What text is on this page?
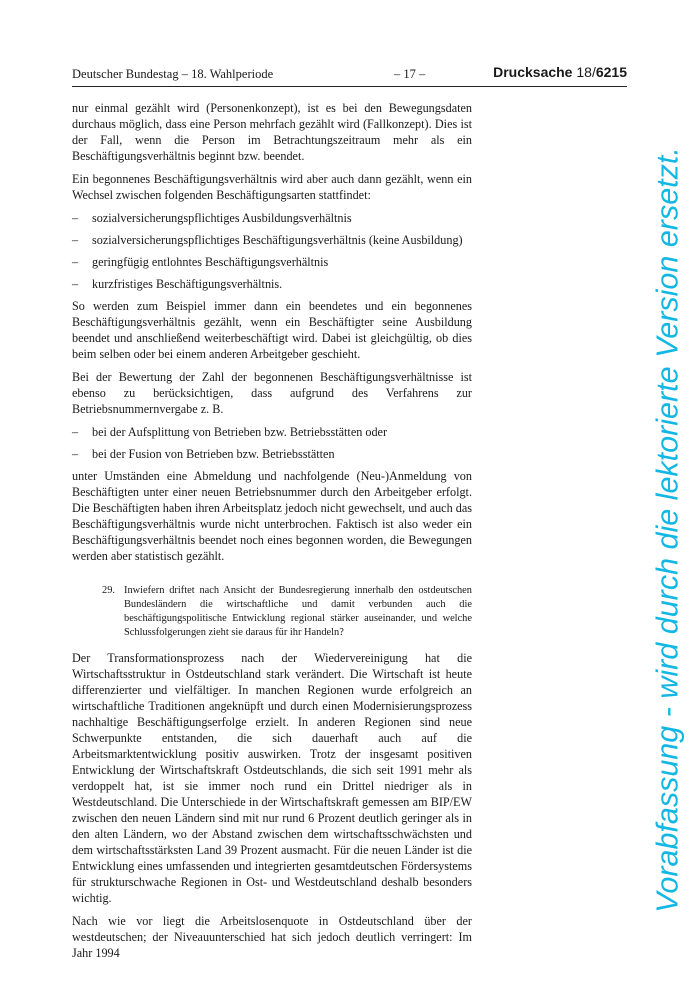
Deutscher Bundestag – 18. Wahlperiode	– 17 –	Drucksache 18/6215

nur einmal gezählt wird (Personenkonzept), ist es bei den Bewegungsdaten durchaus möglich, dass eine Person mehrfach gezählt wird (Fallkonzept). Dies ist der Fall, wenn die Person im Betrachtungszeitraum mehr als ein Beschäftigungsverhältnis beginnt bzw. beendet.

Ein begonnenes Beschäftigungsverhältnis wird aber auch dann gezählt, wenn ein Wechsel zwischen folgenden Beschäftigungsarten stattfindet:

–	sozialversicherungspflichtiges Ausbildungsverhältnis
–	sozialversicherungspflichtiges Beschäftigungsverhältnis (keine Ausbildung)
–	geringfügig entlohntes Beschäftigungsverhältnis
–	kurzfristiges Beschäftigungsverhältnis.

So werden zum Beispiel immer dann ein beendetes und ein begonnenes Beschäftigungsverhältnis gezählt, wenn ein Beschäftigter seine Ausbildung beendet und anschließend weiterbeschäftigt wird. Dabei ist gleichgültig, ob dies beim selben oder bei einem anderen Arbeitgeber geschieht.

Bei der Bewertung der Zahl der begonnenen Beschäftigungsverhältnisse ist ebenso zu berücksichtigen, dass aufgrund des Verfahrens zur Betriebsnummernvergabe z. B.

–	bei der Aufsplittung von Betrieben bzw. Betriebsstätten oder
–	bei der Fusion von Betrieben bzw. Betriebsstätten

unter Umständen eine Abmeldung und nachfolgende (Neu-)Anmeldung von Beschäftigten unter einer neuen Betriebsnummer durch den Arbeitgeber erfolgt. Die Beschäftigten haben ihren Arbeitsplatz jedoch nicht gewechselt, und auch das Beschäftigungsverhältnis wurde nicht unterbrochen. Faktisch ist also weder ein Beschäftigungsverhältnis beendet noch eines begonnen worden, die Bewegungen werden aber statistisch gezählt.

29. Inwiefern driftet nach Ansicht der Bundesregierung innerhalb den ostdeutschen Bundesländern die wirtschaftliche und damit verbunden auch die beschäftigungspolitische Entwicklung regional stärker auseinander, und welche Schlussfolgerungen zieht sie daraus für ihr Handeln?

Der Transformationsprozess nach der Wiedervereinigung hat die Wirtschaftsstruktur in Ostdeutschland stark verändert. Die Wirtschaft ist heute differenzierter und vielfältiger. In manchen Regionen wurde erfolgreich an wirtschaftliche Traditionen angeknüpft und durch einen Modernisierungsprozess nachhaltige Beschäftigungserfolge erzielt. In anderen Regionen sind neue Schwerpunkte entstanden, die sich dauerhaft auch auf die Arbeitsmarktentwicklung positiv auswirken. Trotz der insgesamt positiven Entwicklung der Wirtschaftskraft Ostdeutschlands, die sich seit 1991 mehr als verdoppelt hat, ist sie immer noch rund ein Drittel niedriger als in Westdeutschland. Die Unterschiede in der Wirtschaftskraft gemessen am BIP/EW zwischen den neuen Ländern sind mit nur rund 6 Prozent deutlich geringer als in den alten Ländern, wo der Abstand zwischen dem wirtschaftsschwächsten und dem wirtschaftsstärksten Land 39 Prozent ausmacht. Für die neuen Länder ist die Entwicklung eines umfassenden und integrierten gesamtdeutschen Fördersystems für strukturschwache Regionen in Ost- und Westdeutschland deshalb besonders wichtig.

Nach wie vor liegt die Arbeitslosenquote in Ostdeutschland über der westdeutschen; der Niveauunterschied hat sich jedoch deutlich verringert: Im Jahr 1994

Vorabfassung - wird durch die lektorierte Version ersetzt.
